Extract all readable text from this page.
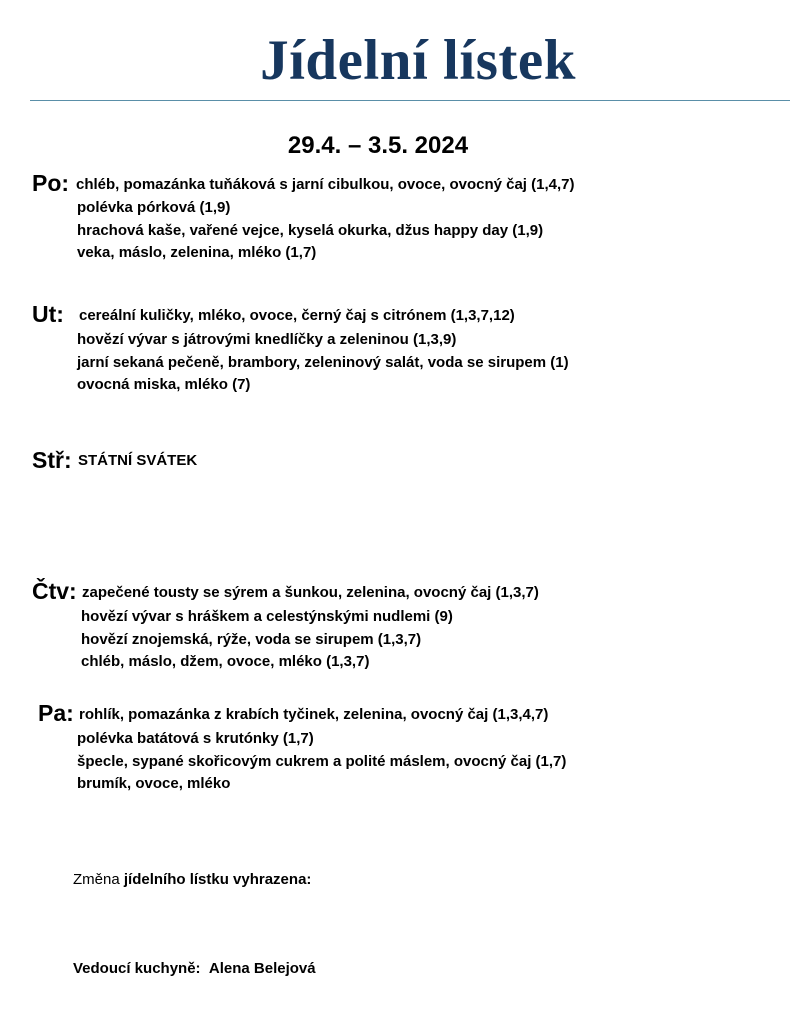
Jídelní lístek
29.4. – 3.5. 2024
Po: chléb, pomazánka tuňáková s jarní cibulkou, ovoce, ovocný čaj (1,4,7)
polévka pórková (1,9)
hrachová kaše, vařené vejce, kyselá okurka, džus happy day (1,9)
veka, máslo, zelenina, mléko (1,7)
Ut: cereální kuličky, mléko, ovoce, černý čaj s citrónem (1,3,7,12)
hovězí vývar s játrovými knedlíčky a zeleninou (1,3,9)
jarní sekaná pečeně, brambory, zeleninový salát, voda se sirupem (1)
ovocná miska, mléko (7)
Stř: STÁTNÍ SVÁTEK
Čtv: zapečené tousty se sýrem a šunkou, zelenina, ovocný čaj (1,3,7)
hovězí vývar s hráškem a celestýnskými nudlemi (9)
hovězí znojemská, rýže, voda se sirupem (1,3,7)
chléb, máslo, džem, ovoce, mléko (1,3,7)
Pa: rohlík, pomazánka z krabích tyčinek, zelenina, ovocný čaj (1,3,4,7)
polévka batátová s krutónky (1,7)
špecle, sypané skořicovým cukrem a polité máslem, ovocný čaj (1,7)
brumík, ovoce, mléko
Změna jídelního lístku vyhrazena:
Vedoucí kuchyně: Alena Belejová
